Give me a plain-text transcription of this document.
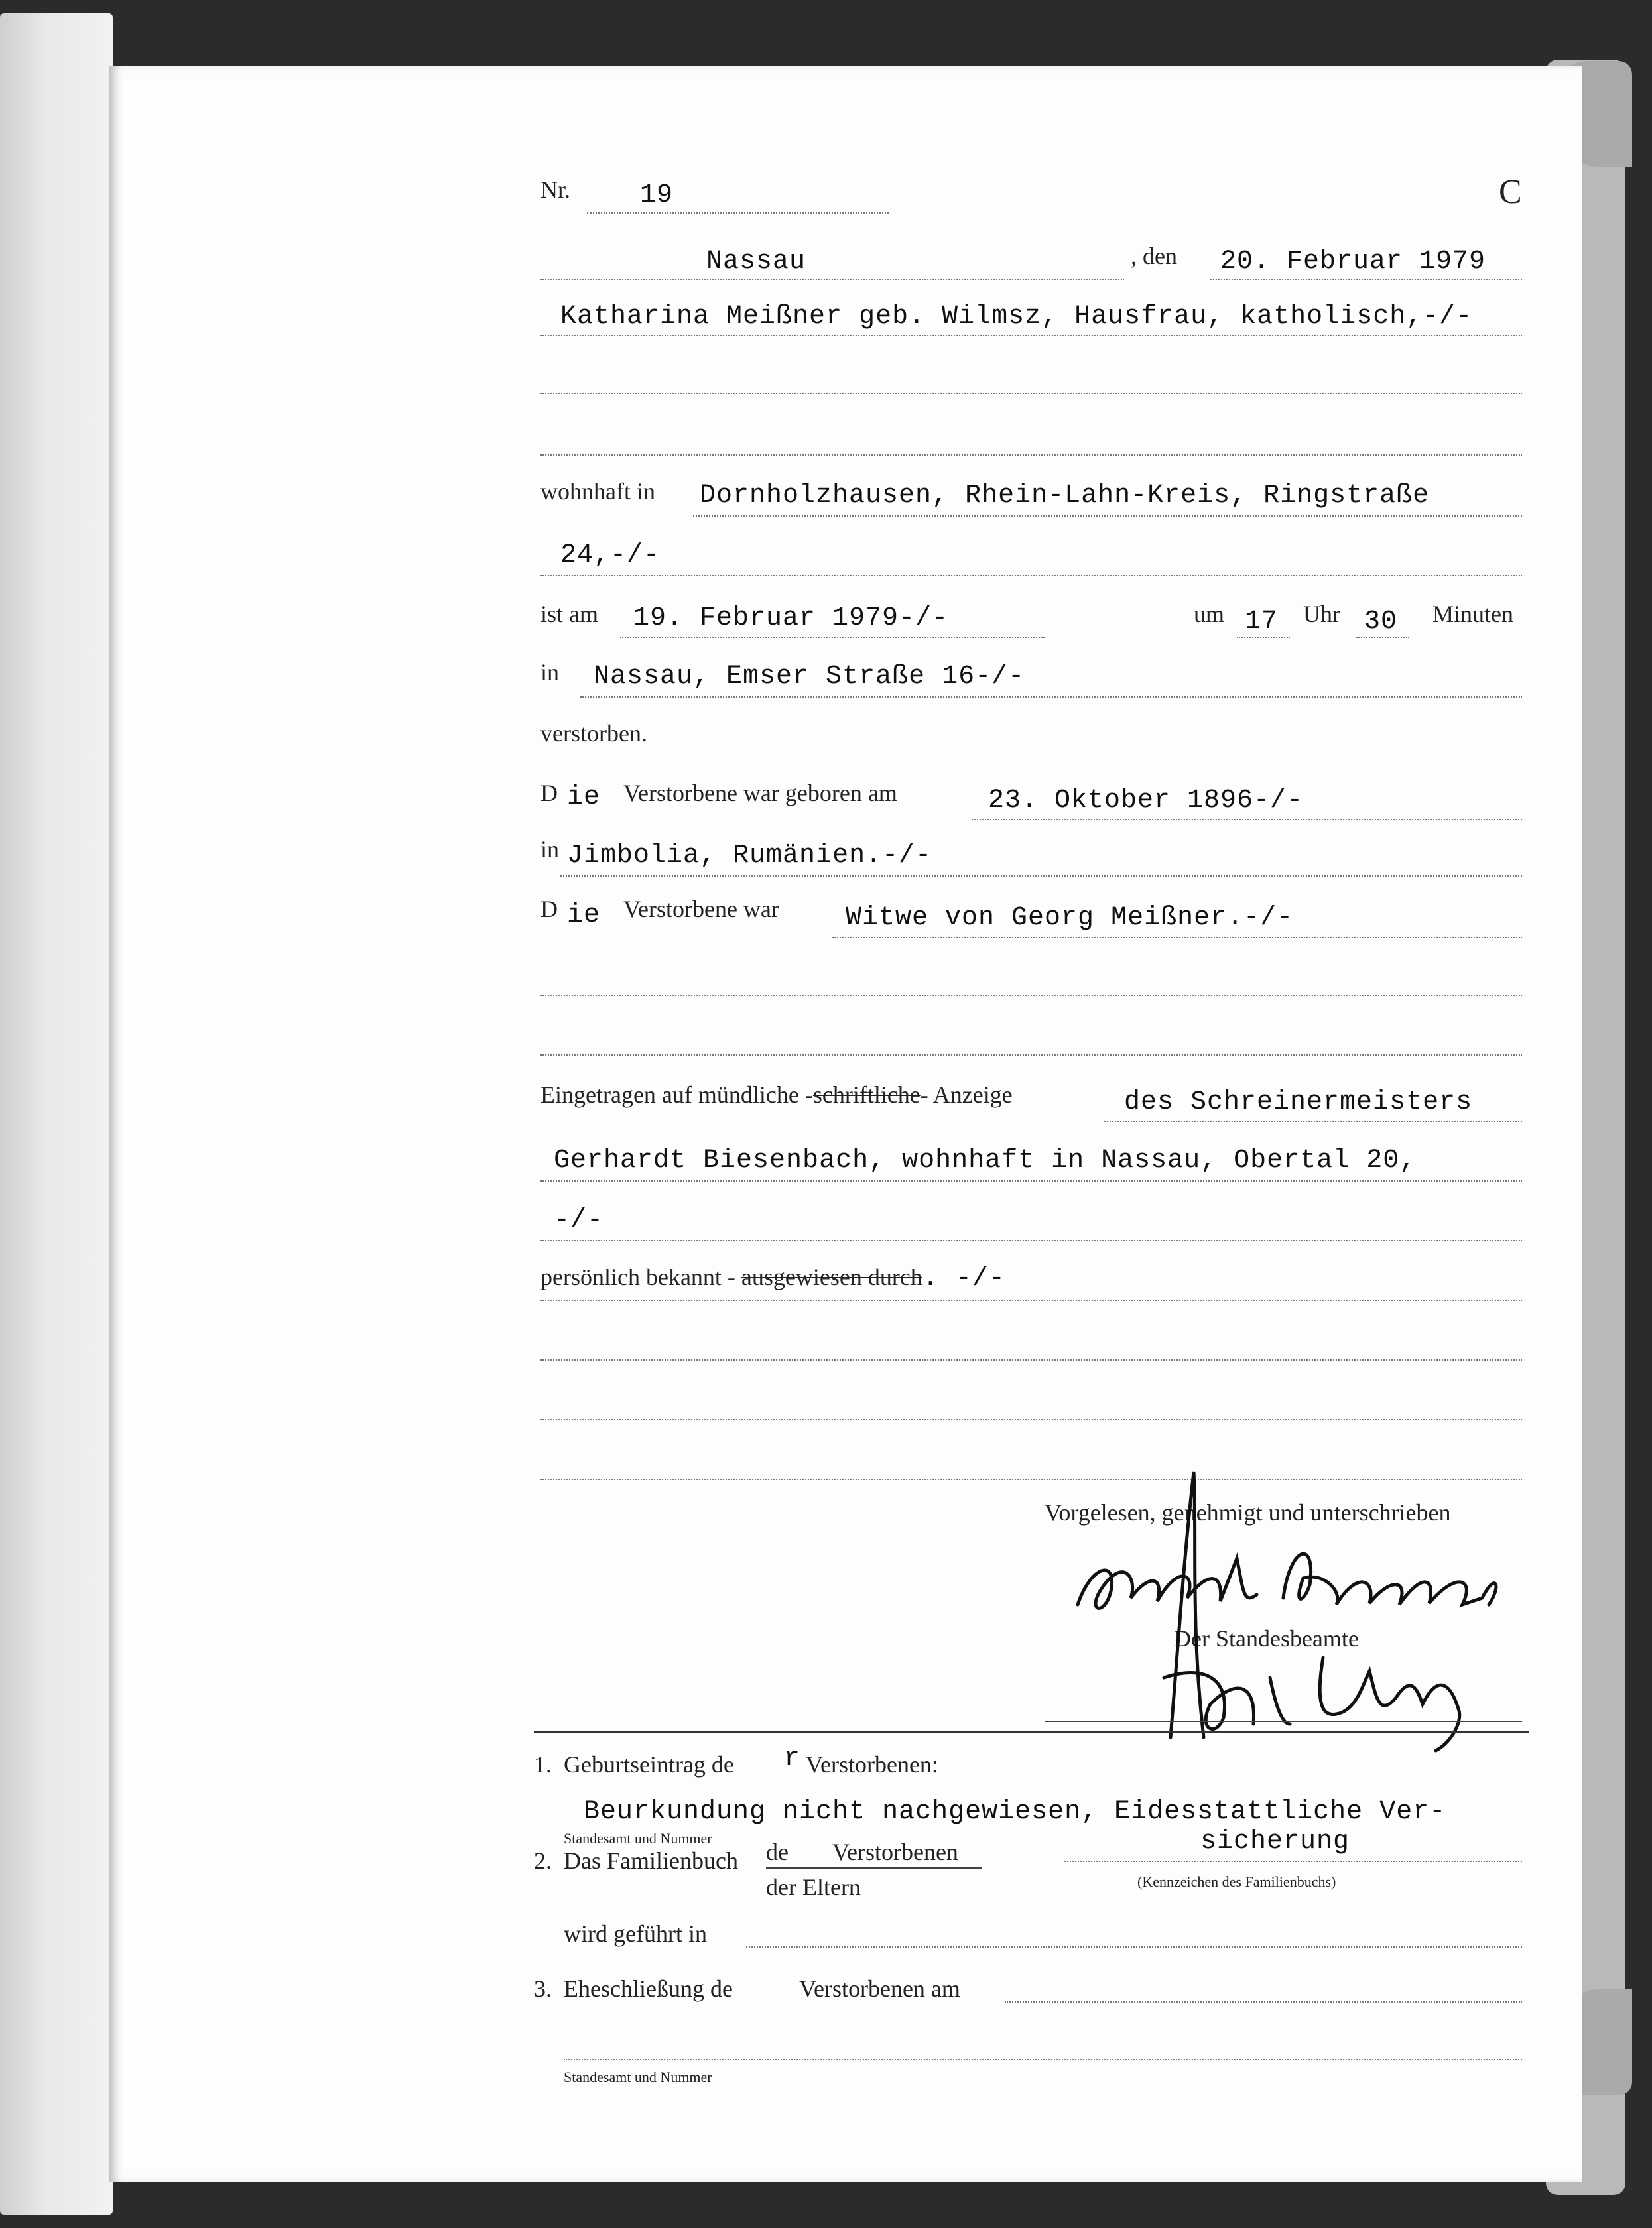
Nr.	19	C
Nassau	, den 20. Februar 1979
Katharina Meißner geb. Wilmsz, Hausfrau, katholisch,-/-
wohnhaft in Dornholzhausen, Rhein-Lahn-Kreis, Ringstraße
24,-/-
ist am 19. Februar 1979-/-	um 17 Uhr 30 Minuten
in Nassau, Emser Straße 16-/-
verstorben.
D ie Verstorbene war geboren am	23. Oktober 1896-/-
in Jimbolia, Rumänien.-/-
D ie Verstorbene war	Witwe von Georg Meißner.-/-
Eingetragen auf mündliche -schriftliche- Anzeige	des Schreinermeisters
Gerhardt Biesenbach, wohnhaft in Nassau, Obertal 20,
-/-
persönlich bekannt - ausgewiesen durch. -/-
Vorgelesen, genehmigt und unterschrieben
Der Standesbeamte
1. Geburtseintrag de r Verstorbenen:
Beurkundung nicht nachgewiesen, Eidesstattliche Ver-
Standesamt und Nummer	sicherung
2. Das Familienbuch de Verstorbenen
der Eltern	(Kennzeichen des Familienbuchs)
wird geführt in
3. Eheschließung de	Verstorbenen am
Standesamt und Nummer
